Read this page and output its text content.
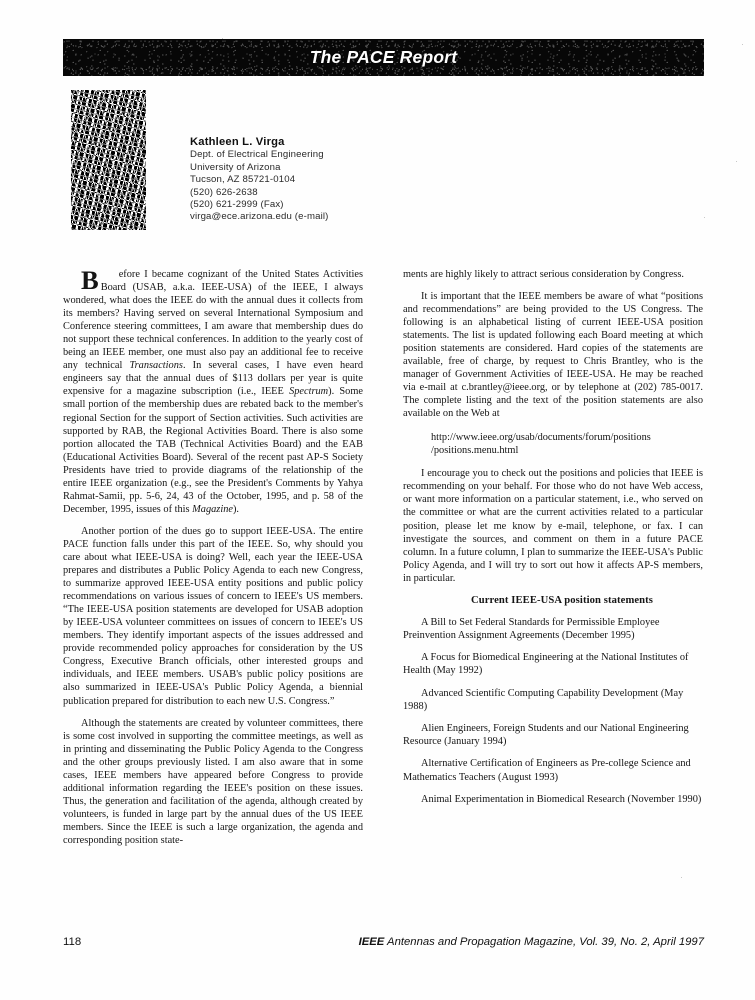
The PACE Report
Kathleen L. Virga
Dept. of Electrical Engineering
University of Arizona
Tucson, AZ 85721-0104
(520) 626-2638
(520) 621-2999 (Fax)
virga@ece.arizona.edu (e-mail)

B efore I became cognizant of the United States Activities Board (USAB, a.k.a. IEEE-USA) of the IEEE, I always wondered, what does the IEEE do with the annual dues it collects from its members? Having served on several International Symposium and Conference steering committees, I am aware that membership dues do not support these technical conferences. In addition to the yearly cost of being an IEEE member, one must also pay an additional fee to receive any technical Transactions. In several cases, I have even heard engineers say that the annual dues of $113 dollars per year is quite expensive for a magazine subscription (i.e., IEEE Spectrum). Some small portion of the membership dues are rebated back to the member's regional Section for the support of Section activities. Such activities are supported by RAB, the Regional Activities Board. There is also some portion allocated the TAB (Technical Activities Board) and the EAB (Educational Activities Board). Several of the recent past AP-S Society Presidents have tried to provide diagrams of the relationship of the entire IEEE organization (e.g., see the President's Comments by Yahya Rahmat-Samii, pp. 5-6, 24, 43 of the October, 1995, and p. 58 of the December, 1995, issues of this Magazine).

Another portion of the dues go to support IEEE-USA. The entire PACE function falls under this part of the IEEE. So, why should you care about what IEEE-USA is doing? Well, each year the IEEE-USA prepares and distributes a Public Policy Agenda to each new Congress, to summarize approved IEEE-USA entity positions and public policy recommendations on various issues of concern to IEEE's US members. “The IEEE-USA position statements are developed for USAB adoption by IEEE-USA volunteer committees on issues of concern to IEEE's US members. They identify important aspects of the issues addressed and provide recommended policy approaches for consideration by the US Congress, Executive Branch officials, other interested groups and individuals, and IEEE members. USAB's public policy positions are also summarized in IEEE-USA's Public Policy Agenda, a biennial publication prepared for distribution to each new U.S. Congress.”

Although the statements are created by volunteer committees, there is some cost involved in supporting the committee meetings, as well as in printing and disseminating the Public Policy Agenda to the Congress and the other groups previously listed. I am also aware that in some cases, IEEE members have appeared before Congress to provide additional information regarding the IEEE's position on these issues. Thus, the generation and facilitation of the agenda, although created by volunteers, is funded in large part by the annual dues of the US IEEE members. Since the IEEE is such a large organization, the agenda and corresponding position state-

ments are highly likely to attract serious consideration by Congress.

It is important that the IEEE members be aware of what “positions and recommendations” are being provided to the US Congress. The following is an alphabetical listing of current IEEE-USA position statements. The list is updated following each Board meeting at which position statements are considered. Hard copies of the statements are available, free of charge, by request to Chris Brantley, who is the manager of Government Activities of IEEE-USA. He may be reached via e-mail at c.brantley@ieee.org, or by telephone at (202) 785-0017. The complete listing and the text of the position statements are also available on the Web at

http://www.ieee.org/usab/documents/forum/positions
/positions.menu.html

I encourage you to check out the positions and policies that IEEE is recommending on your behalf. For those who do not have Web access, or want more information on a particular statement, i.e., who served on the committee or what are the current activities related to a particular position, please let me know by e-mail, telephone, or fax. I can investigate the sources, and comment on them in a future PACE column. In a future column, I plan to summarize the IEEE-USA's Public Policy Agenda, and I will try to sort out how it affects AP-S members, in particular.

Current IEEE-USA position statements

A Bill to Set Federal Standards for Permissible Employee Preinvention Assignment Agreements (December 1995)

A Focus for Biomedical Engineering at the National Institutes of Health (May 1992)

Advanced Scientific Computing Capability Development (May 1988)

Alien Engineers, Foreign Students and our National Engineering Resource (January 1994)

Alternative Certification of Engineers as Pre-college Science and Mathematics Teachers (August 1993)

Animal Experimentation in Biomedical Research (November 1990)

118	IEEE Antennas and Propagation Magazine, Vol. 39, No. 2, April 1997
